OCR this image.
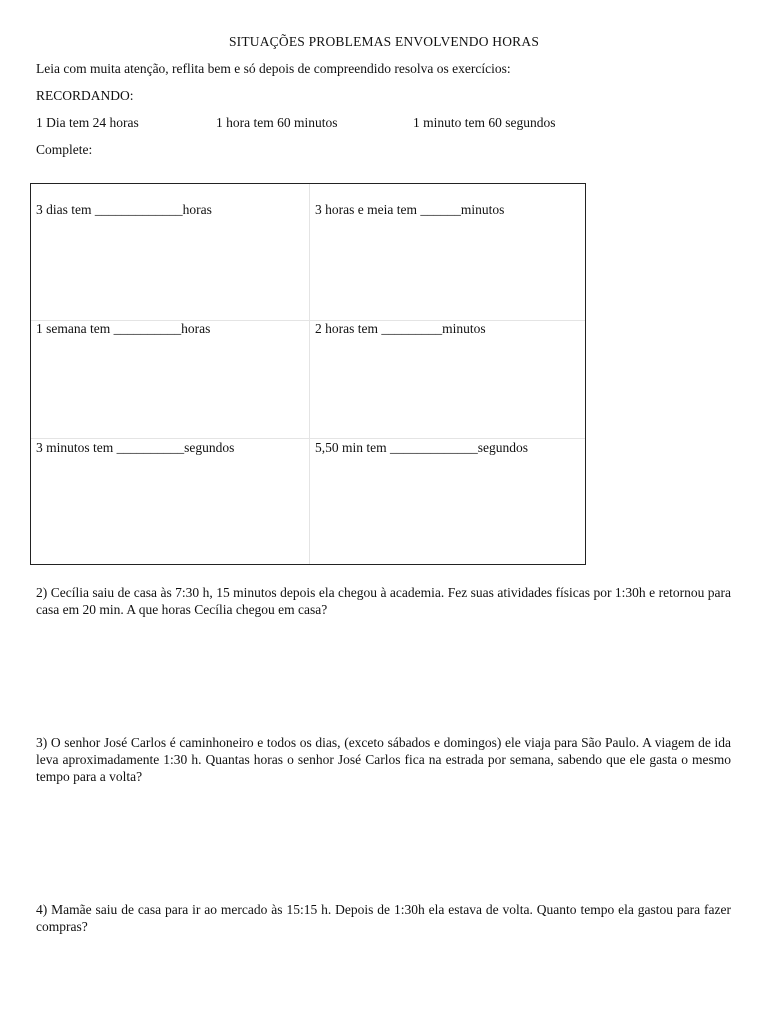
SITUAÇÕES PROBLEMAS ENVOLVENDO HORAS
Leia com muita atenção, reflita bem e só depois de compreendido resolva os exercícios:
RECORDANDO:
1 Dia tem 24 horas	1 hora tem 60 minutos	1 minuto tem 60 segundos
Complete:
3 dias tem _____________horas	3 horas e meia tem ______minutos
1 semana tem __________horas	2 horas tem _________minutos
3 minutos tem __________segundos	5,50 min tem _____________segundos
2) Cecília saiu de casa às 7:30 h, 15 minutos depois ela chegou à academia. Fez suas atividades físicas por 1:30h e retornou para casa em 20 min. A que horas Cecília chegou em casa?
3) O senhor José Carlos é caminhoneiro e todos os dias, (exceto sábados e domingos) ele viaja para São Paulo. A viagem de ida leva aproximadamente 1:30 h. Quantas horas o senhor José Carlos fica na estrada por semana, sabendo que ele gasta o mesmo tempo para a volta?
4) Mamãe saiu de casa para ir ao mercado às 15:15 h. Depois de 1:30h ela estava de volta. Quanto tempo ela gastou para fazer compras?
